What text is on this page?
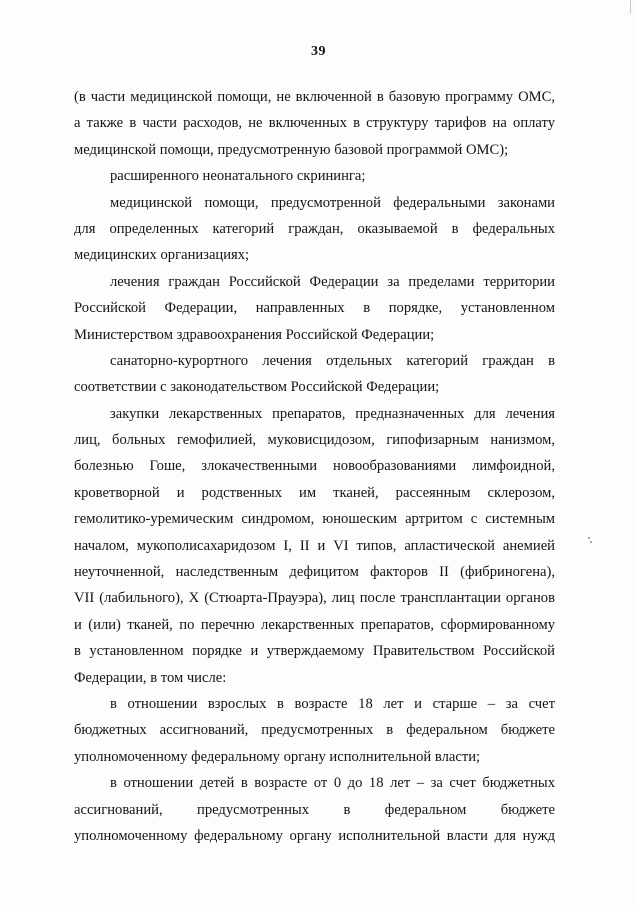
39
(в части медицинской помощи, не включенной в базовую программу ОМС,
а также в части расходов, не включенных в структуру тарифов на оплату
медицинской помощи, предусмотренную базовой программой ОМС);
расширенного неонатального скрининга;
медицинской помощи, предусмотренной федеральными законами
для определенных категорий граждан, оказываемой в федеральных
медицинских организациях;
лечения граждан Российской Федерации за пределами территории
Российской Федерации, направленных в порядке, установленном
Министерством здравоохранения Российской Федерации;
санаторно-курортного лечения отдельных категорий граждан в
соответствии с законодательством Российской Федерации;
закупки лекарственных препаратов, предназначенных для лечения
лиц, больных гемофилией, муковисцидозом, гипофизарным нанизмом,
болезнью Гоше, злокачественными новообразованиями лимфоидной,
кроветворной и родственных им тканей, рассеянным склерозом,
гемолитико-уремическим синдромом, юношеским артритом с системным
началом, мукополисахаридозом I, II и VI типов, апластической анемией
неуточненной, наследственным дефицитом факторов II (фибриногена),
VII (лабильного), X (Стюарта-Прауэра), лиц после трансплантации органов
и (или) тканей, по перечню лекарственных препаратов, сформированному
в установленном порядке и утверждаемому Правительством Российской
Федерации, в том числе:
в отношении взрослых в возрасте 18 лет и старше – за счет
бюджетных ассигнований, предусмотренных в федеральном бюджете
уполномоченному федеральному органу исполнительной власти;
в отношении детей в возрасте от 0 до 18 лет – за счет бюджетных
ассигнований, предусмотренных в федеральном бюджете
уполномоченному федеральному органу исполнительной власти для нужд
